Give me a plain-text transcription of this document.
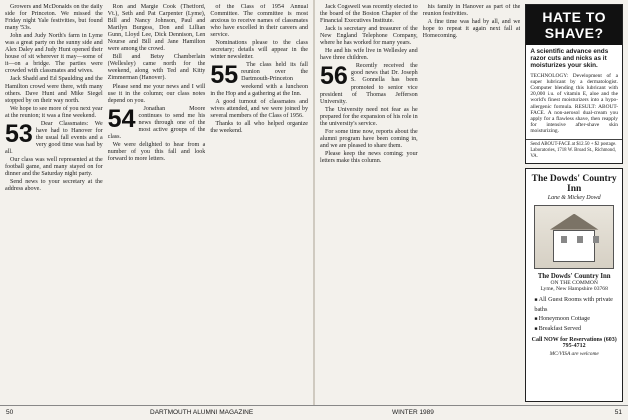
Growers and McDonalds on the daily side for Princeton. We missed the Friday night Yale festivities, but found many '53s.

John and Judy North's farm in Lyme was a great party on the sunny side and Alex Daley and Judy Hunt opened their house of sit wherever it may—some of it—on a bridge. The parties were crowded with classmates and wives.

Jack Shadd and Ed Spaulding and the Hamilton crowd were there, with many others. Dave Hunt and Mike Siegel stopped by on their way north.

We hope to see more of you next year at the reunion; it was a fine weekend.

53	Dear Classmates: We have had to Hanover for the usual fall events and a very good time was had by all.

Our class was well represented at the football game, and many stayed on for dinner and the Saturday night party.

Send news to your secretary at the address above.

Ron and Margie Cook (Thetford, Vt.), Seth and Pat Carpenter (Lyme), Bill and Nancy Johnson, Paul and Marilyn Burgess, Don and Lillian Gunn, Lloyd Lee, Dick Dennison, Len Nourse and Bill and Jane Hamilton were among the crowd.

Bill and Betsy Chamberlain (Wellesley) came north for the weekend, along with Ted and Kitty Zimmerman (Hanover).

Please send me your news and I will use it in the column; our class notes depend on you.

54	Jonathan Moore continues to send me his news through one of the most active groups of the class.

We were delighted to hear from a number of you this fall and look forward to more letters.

of the Class of 1954 Annual Committee. The committee is most anxious to receive names of classmates who have excelled in their careers and service.

Nominations please to the class secretary; details will appear in the winter newsletter.

55	The class held its fall reunion over the Dartmouth-Princeton weekend with a luncheon in the Hop and a gathering at the Inn.

A good turnout of classmates and wives attended, and we were joined by several members of the Class of 1956.

Thanks to all who helped organize the weekend.

Jack Cogswell was recently elected to the board of the Boston Chapter of the Financial Executives Institute.

Jack is secretary and treasurer of the New England Telephone Company, where he has worked for many years.

He and his wife live in Wellesley and have three children.

56	Recently received the good news that Dr. Joseph S. Gonnella has been promoted to senior vice president of Thomas Jefferson University.

The University need not fear as he prepared for the expansion of his role in the university's service.

For some time now, reports about the alumni program have been coming in, and we are pleased to share them.

Please keep the news coming; your letters make this column.

his family in Hanover as part of the reunion festivities.

A fine time was had by all, and we hope to repeat it again next fall at Homecoming.

HATE TO SHAVE?
A scientific advance ends razor cuts and nicks as it moisturizes your skin.
TECHNOLOGY: Development of a super lubricant by a dermatologist. Computer blending this lubricant with 20,000 i.u. of vitamin E, aloe and the world's finest moisturizers into a hypo-allergenic formula. RESULT: ABOUT-FACE. A non-aerosol dual-cream you apply for a flawless shave, then reapply for intensive after-shave skin moisturizing.
Send ABOUT-FACE at $12.50 + $2 postage. Laboratories, 1718 W. Broad St., Richmond, VA.
The Dowds' Country Inn
Lane & Mickey Dowd
The Dowds' Country Inn
ON THE COMMON
Lyme, New Hampshire 03768
■ All Guest Rooms with private baths
■ Honeymoon Cottage
■ Breakfast Served
Call NOW for Reservations (603) 795-4712
MC/VISA are welcome
50	DARTMOUTH ALUMNI MAGAZINE	WINTER 1989	51
